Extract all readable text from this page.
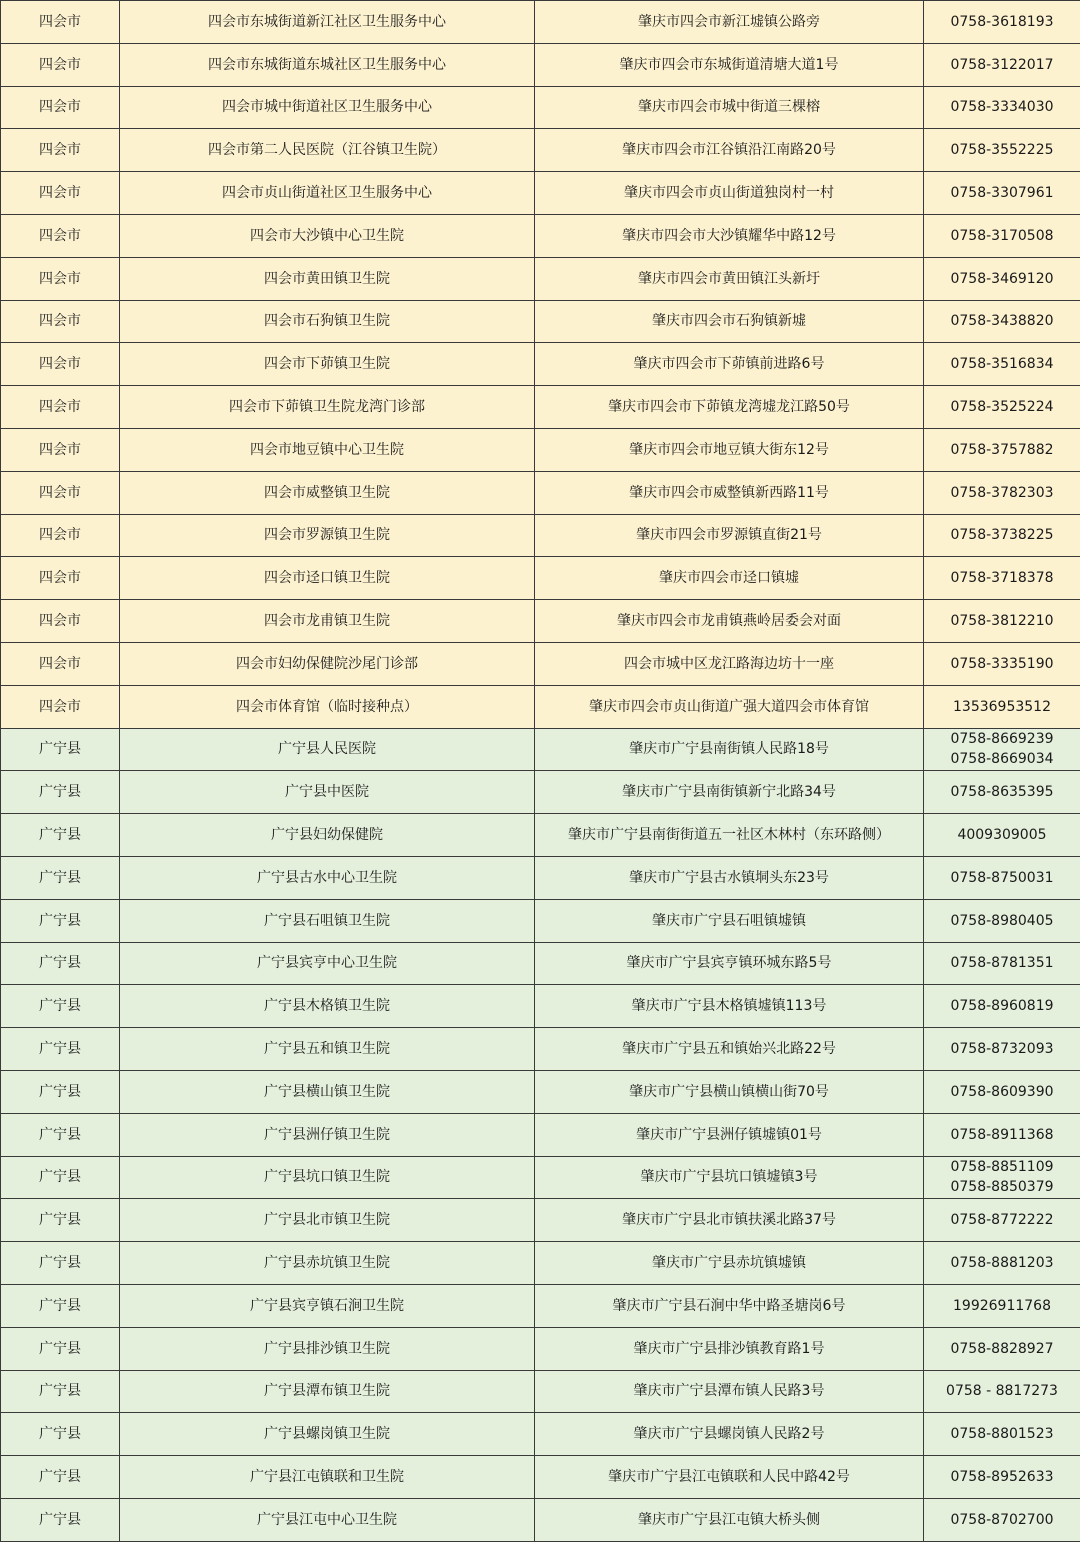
四会市	四会市东城街道新江社区卫生服务中心	肇庆市四会市新江墟镇公路旁	0758-3618193

四会市	四会市东城街道东城社区卫生服务中心	肇庆市四会市东城街道清塘大道1号	0758-3122017

四会市	四会市城中街道社区卫生服务中心	肇庆市四会市城中街道三棵榕	0758-3334030

四会市	四会市第二人民医院（江谷镇卫生院）	肇庆市四会市江谷镇沿江南路20号	0758-3552225

四会市	四会市贞山街道社区卫生服务中心	肇庆市四会市贞山街道独岗村一村	0758-3307961

四会市	四会市大沙镇中心卫生院	肇庆市四会市大沙镇耀华中路12号	0758-3170508

四会市	四会市黄田镇卫生院	肇庆市四会市黄田镇江头新圩	0758-3469120

四会市	四会市石狗镇卫生院	肇庆市四会市石狗镇新墟	0758-3438820

四会市	四会市下茆镇卫生院	肇庆市四会市下茆镇前进路6号	0758-3516834

四会市	四会市下茆镇卫生院龙湾门诊部	肇庆市四会市下茆镇龙湾墟龙江路50号	0758-3525224

四会市	四会市地豆镇中心卫生院	肇庆市四会市地豆镇大街东12号	0758-3757882

四会市	四会市威整镇卫生院	肇庆市四会市威整镇新西路11号	0758-3782303

四会市	四会市罗源镇卫生院	肇庆市四会市罗源镇直街21号	0758-3738225

四会市	四会市迳口镇卫生院	肇庆市四会市迳口镇墟	0758-3718378

四会市	四会市龙甫镇卫生院	肇庆市四会市龙甫镇燕岭居委会对面	0758-3812210

四会市	四会市妇幼保健院沙尾门诊部	四会市城中区龙江路海边坊十一座	0758-3335190

四会市	四会市体育馆（临时接种点）	肇庆市四会市贞山街道广强大道四会市体育馆	13536953512

广宁县	广宁县人民医院	肇庆市广宁县南街镇人民路18号	0758-8669239
0758-8669034

广宁县	广宁县中医院	肇庆市广宁县南街镇新宁北路34号	0758-8635395

广宁县	广宁县妇幼保健院	肇庆市广宁县南街街道五一社区木林村（东环路侧）	4009309005

广宁县	广宁县古水中心卫生院	肇庆市广宁县古水镇垌头东23号	0758-8750031

广宁县	广宁县石咀镇卫生院	肇庆市广宁县石咀镇墟镇	0758-8980405

广宁县	广宁县宾亨中心卫生院	肇庆市广宁县宾亨镇环城东路5号	0758-8781351

广宁县	广宁县木格镇卫生院	肇庆市广宁县木格镇墟镇113号	0758-8960819

广宁县	广宁县五和镇卫生院	肇庆市广宁县五和镇始兴北路22号	0758-8732093

广宁县	广宁县横山镇卫生院	肇庆市广宁县横山镇横山街70号	0758-8609390

广宁县	广宁县洲仔镇卫生院	肇庆市广宁县洲仔镇墟镇01号	0758-8911368

广宁县	广宁县坑口镇卫生院	肇庆市广宁县坑口镇墟镇3号	0758-8851109
0758-8850379

广宁县	广宁县北市镇卫生院	肇庆市广宁县北市镇扶溪北路37号	0758-8772222

广宁县	广宁县赤坑镇卫生院	肇庆市广宁县赤坑镇墟镇	0758-8881203

广宁县	广宁县宾亨镇石涧卫生院	肇庆市广宁县石涧中华中路圣塘岗6号	19926911768

广宁县	广宁县排沙镇卫生院	肇庆市广宁县排沙镇教育路1号	0758-8828927

广宁县	广宁县潭布镇卫生院	肇庆市广宁县潭布镇人民路3号	0758 - 8817273

广宁县	广宁县螺岗镇卫生院	肇庆市广宁县螺岗镇人民路2号	0758-8801523

广宁县	广宁县江屯镇联和卫生院	肇庆市广宁县江屯镇联和人民中路42号	0758-8952633

广宁县	广宁县江屯中心卫生院	肇庆市广宁县江屯镇大桥头侧	0758-8702700
